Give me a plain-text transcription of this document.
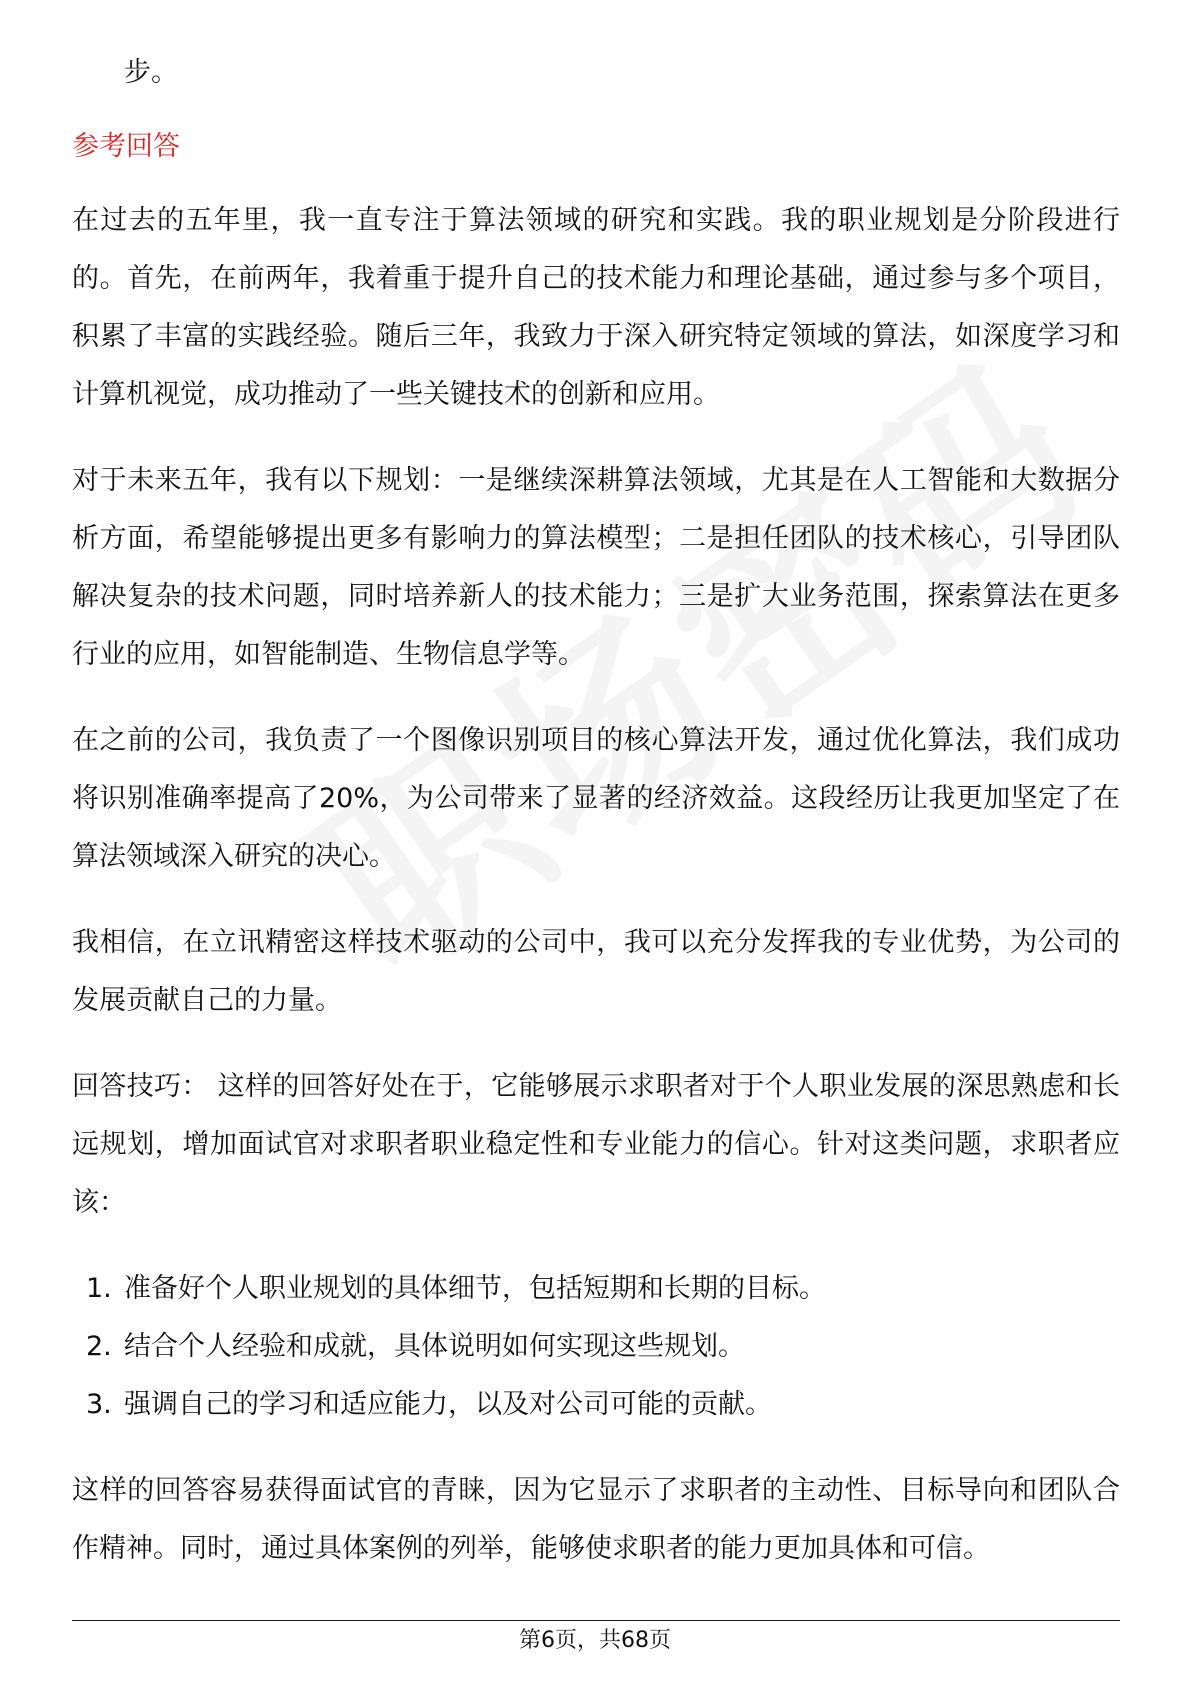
步。

参考回答

在过去的五年里，我一直专注于算法领域的研究和实践。我的职业规划是分阶段进行的。首先，在前两年，我着重于提升自己的技术能力和理论基础，通过参与多个项目，积累了丰富的实践经验。随后三年，我致力于深入研究特定领域的算法，如深度学习和计算机视觉，成功推动了一些关键技术的创新和应用。

对于未来五年，我有以下规划：一是继续深耕算法领域，尤其是在人工智能和大数据分析方面，希望能够提出更多有影响力的算法模型；二是担任团队的技术核心，引导团队解决复杂的技术问题，同时培养新人的技术能力；三是扩大业务范围，探索算法在更多行业的应用，如智能制造、生物信息学等。

在之前的公司，我负责了一个图像识别项目的核心算法开发，通过优化算法，我们成功将识别准确率提高了20%，为公司带来了显著的经济效益。这段经历让我更加坚定了在算法领域深入研究的决心。

我相信，在立讯精密这样技术驱动的公司中，我可以充分发挥我的专业优势，为公司的发展贡献自己的力量。

回答技巧： 这样的回答好处在于，它能够展示求职者对于个人职业发展的深思熟虑和长远规划，增加面试官对求职者职业稳定性和专业能力的信心。针对这类问题，求职者应该：

1. 准备好个人职业规划的具体细节，包括短期和长期的目标。
2. 结合个人经验和成就，具体说明如何实现这些规划。
3. 强调自己的学习和适应能力，以及对公司可能的贡献。

这样的回答容易获得面试官的青睐，因为它显示了求职者的主动性、目标导向和团队合作精神。同时，通过具体案例的列举，能够使求职者的能力更加具体和可信。

第6页，共68页
